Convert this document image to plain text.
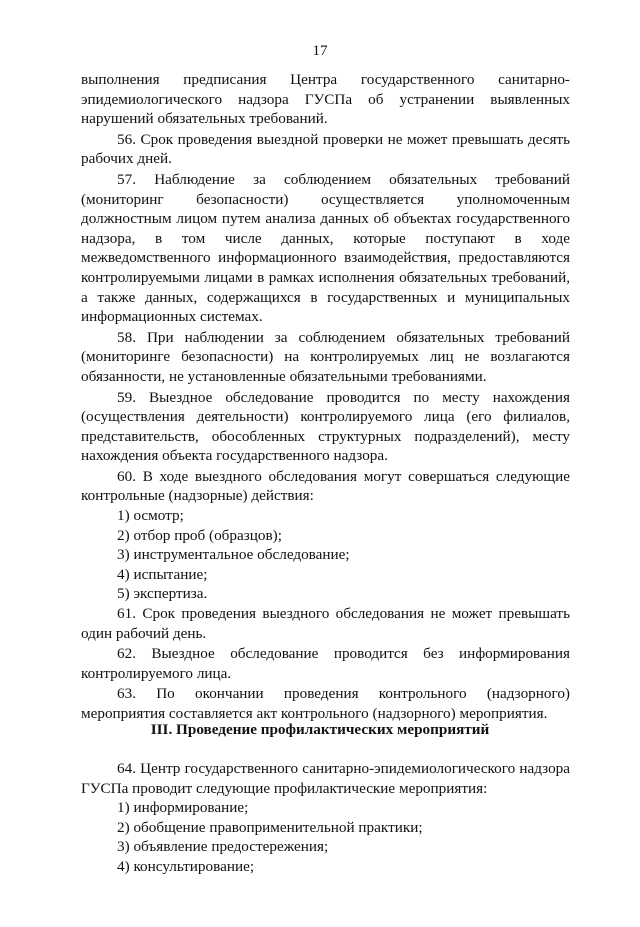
17

выполнения предписания Центра государственного санитарно-эпидемиологического надзора ГУСПа об устранении выявленных нарушений обязательных требований.

56. Срок проведения выездной проверки не может превышать десять рабочих дней.

57. Наблюдение за соблюдением обязательных требований (мониторинг безопасности) осуществляется уполномоченным должностным лицом путем анализа данных об объектах государственного надзора, в том числе данных, которые поступают в ходе межведомственного информационного взаимодействия, предоставляются контролируемыми лицами в рамках исполнения обязательных требований, а также данных, содержащихся в государственных и муниципальных информационных системах.

58. При наблюдении за соблюдением обязательных требований (мониторинге безопасности) на контролируемых лиц не возлагаются обязанности, не установленные обязательными требованиями.

59. Выездное обследование проводится по месту нахождения (осуществления деятельности) контролируемого лица (его филиалов, представительств, обособленных структурных подразделений), месту нахождения объекта государственного надзора.

60. В ходе выездного обследования могут совершаться следующие контрольные (надзорные) действия:

1) осмотр;

2) отбор проб (образцов);

3) инструментальное обследование;

4) испытание;

5) экспертиза.

61. Срок проведения выездного обследования не может превышать один рабочий день.

62. Выездное обследование проводится без информирования контролируемого лица.

63. По окончании проведения контрольного (надзорного) мероприятия составляется акт контрольного (надзорного) мероприятия.

III. Проведение профилактических мероприятий

64. Центр государственного санитарно-эпидемиологического надзора ГУСПа проводит следующие профилактические мероприятия:

1) информирование;

2) обобщение правоприменительной практики;

3) объявление предостережения;

4) консультирование;
